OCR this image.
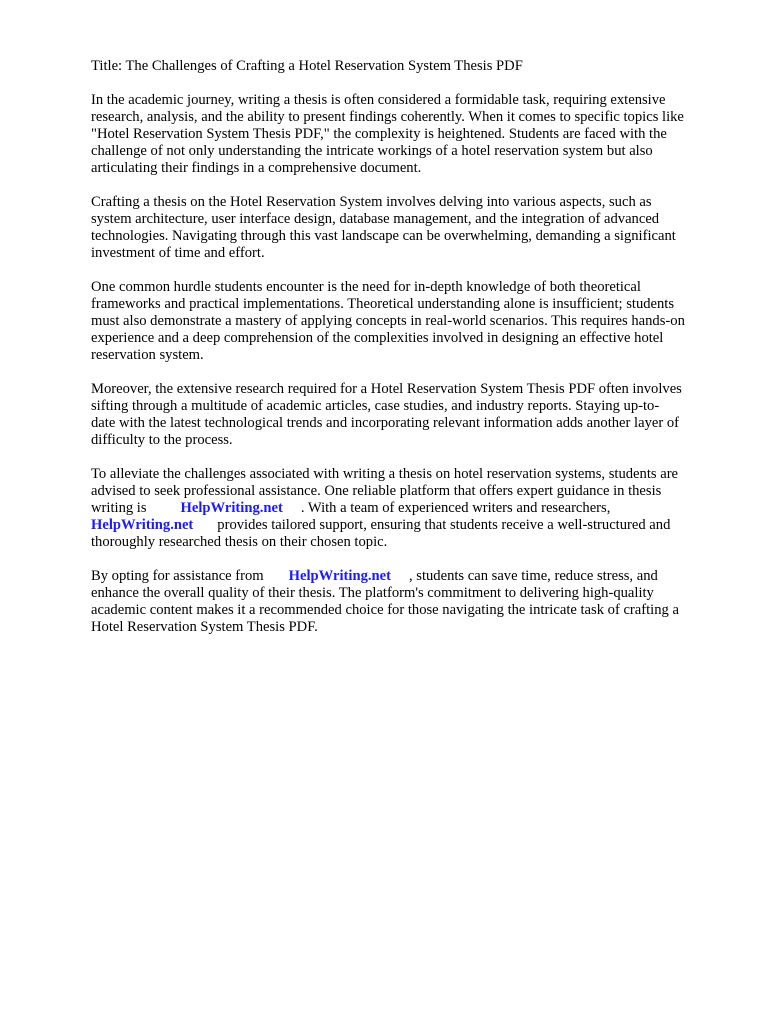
Title: The Challenges of Crafting a Hotel Reservation System Thesis PDF
In the academic journey, writing a thesis is often considered a formidable task, requiring extensive
research, analysis, and the ability to present findings coherently. When it comes to specific topics like
"Hotel Reservation System Thesis PDF," the complexity is heightened. Students are faced with the
challenge of not only understanding the intricate workings of a hotel reservation system but also
articulating their findings in a comprehensive document.
Crafting a thesis on the Hotel Reservation System involves delving into various aspects, such as
system architecture, user interface design, database management, and the integration of advanced
technologies. Navigating through this vast landscape can be overwhelming, demanding a significant
investment of time and effort.
One common hurdle students encounter is the need for in-depth knowledge of both theoretical
frameworks and practical implementations. Theoretical understanding alone is insufficient; students
must also demonstrate a mastery of applying concepts in real-world scenarios. This requires hands-on
experience and a deep comprehension of the complexities involved in designing an effective hotel
reservation system.
Moreover, the extensive research required for a Hotel Reservation System Thesis PDF often involves
sifting through a multitude of academic articles, case studies, and industry reports. Staying up-to-
date with the latest technological trends and incorporating relevant information adds another layer of
difficulty to the process.
To alleviate the challenges associated with writing a thesis on hotel reservation systems, students are
advised to seek professional assistance. One reliable platform that offers expert guidance in thesis
writing is HelpWriting.net . With a team of experienced writers and researchers,
HelpWriting.net provides tailored support, ensuring that students receive a well-structured and
thoroughly researched thesis on their chosen topic.
By opting for assistance from HelpWriting.net , students can save time, reduce stress, and
enhance the overall quality of their thesis. The platform's commitment to delivering high-quality
academic content makes it a recommended choice for those navigating the intricate task of crafting a
Hotel Reservation System Thesis PDF.
